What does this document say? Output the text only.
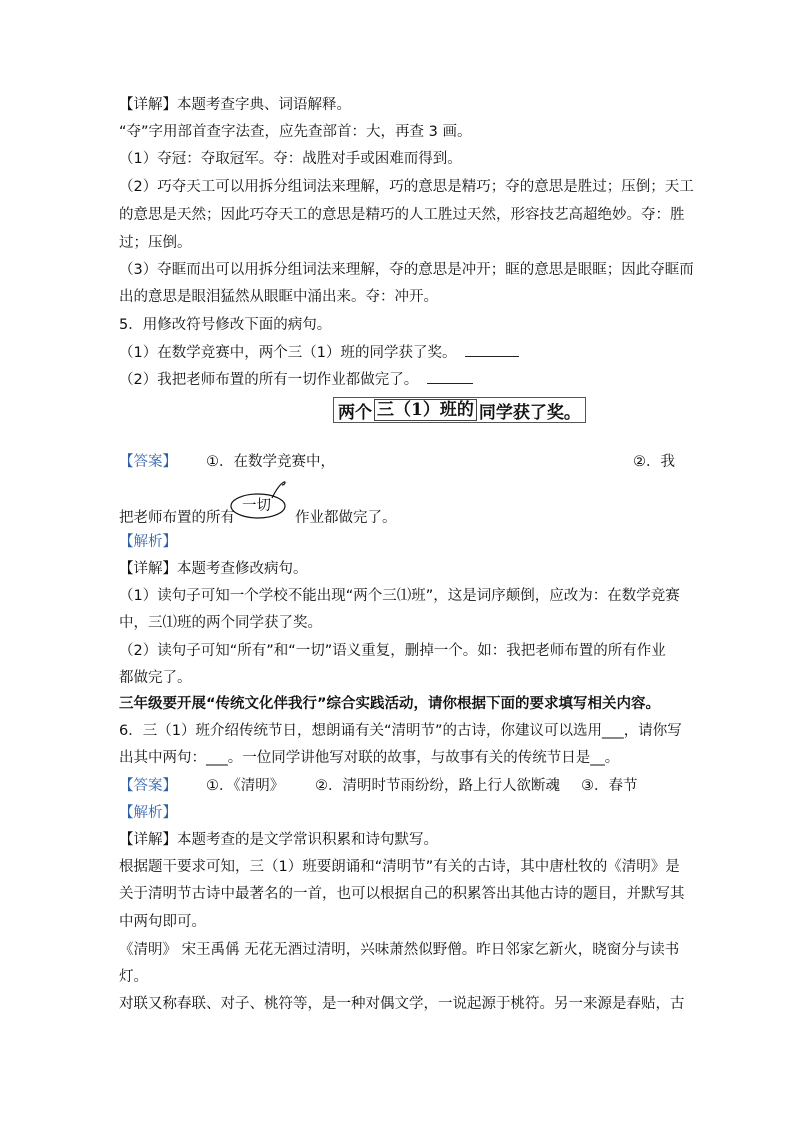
【详解】本题考查字典、词语解释。
“夺”字用部首查字法查，应先查部首：大，再查 3 画。
（1）夺冠：夺取冠军。夺：战胜对手或困难而得到。
（2）巧夺天工可以用拆分组词法来理解，巧的意思是精巧；夺的意思是胜过；压倒；天工
的意思是天然；因此巧夺天工的意思是精巧的人工胜过天然，形容技艺高超绝妙。夺：胜
过；压倒。
（3）夺眶而出可以用拆分组词法来理解，夺的意思是冲开；眶的意思是眼眶；因此夺眶而
出的意思是眼泪猛然从眼眶中涌出来。夺：冲开。
5．用修改符号修改下面的病句。
（1）在数学竞赛中，两个三（1）班的同学获了奖。
（2）我把老师布置的所有一切作业都做完了。
两个 三（1）班的 同学获了奖。
【答案】 ①．在数学竞赛中，	②．我
把老师布置的所有	作业都做完了。
一切
【解析】
【详解】本题考查修改病句。
（1）读句子可知一个学校不能出现“两个三⑴班”，这是词序颠倒，应改为：在数学竞赛
中，三⑴班的两个同学获了奖。
（2）读句子可知“所有”和“一切”语义重复，删掉一个。如：我把老师布置的所有作业
都做完了。
三年级要开展“传统文化伴我行”综合实践活动，请你根据下面的要求填写相关内容。
6．三（1）班介绍传统节日，想朗诵有关“清明节”的古诗，你建议可以选用___，请你写
出其中两句：___。一位同学讲他写对联的故事，与故事有关的传统节日是__。
【答案】 ①．《清明》 ②．清明时节雨纷纷，路上行人欲断魂 ③．春节
【解析】
【详解】本题考查的是文学常识积累和诗句默写。
根据题干要求可知，三（1）班要朗诵和“清明节”有关的古诗，其中唐杜牧的《清明》是
关于清明节古诗中最著名的一首，也可以根据自己的积累答出其他古诗的题目，并默写其
中两句即可。
《清明》 宋王禹偁 无花无酒过清明，兴味萧然似野僧。昨日邻家乞新火，晓窗分与读书
灯。
对联又称春联、对子、桃符等，是一种对偶文学，一说起源于桃符。另一来源是春贴，古
